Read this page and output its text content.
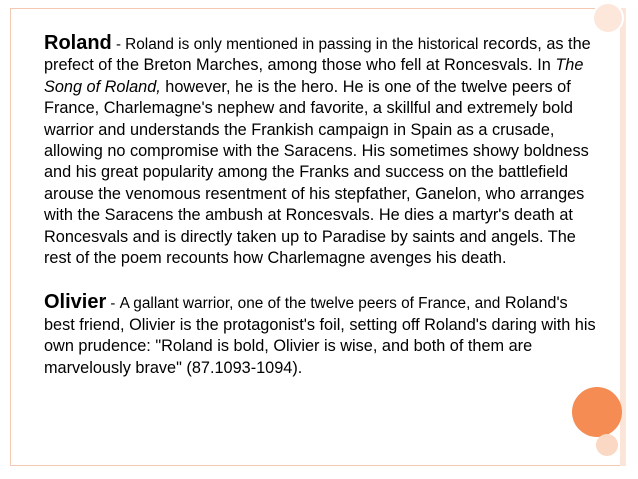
Roland - Roland is only mentioned in passing in the historical records, as the prefect of the Breton Marches, among those who fell at Roncesvals. In The Song of Roland, however, he is the hero. He is one of the twelve peers of France, Charlemagne's nephew and favorite, a skillful and extremely bold warrior and understands the Frankish campaign in Spain as a crusade, allowing no compromise with the Saracens. His sometimes showy boldness and his great popularity among the Franks and success on the battlefield arouse the venomous resentment of his stepfather, Ganelon, who arranges with the Saracens the ambush at Roncesvals. He dies a martyr's death at Roncesvals and is directly taken up to Paradise by saints and angels. The rest of the poem recounts how Charlemagne avenges his death.

Olivier - A gallant warrior, one of the twelve peers of France, and Roland's best friend, Olivier is the protagonist's foil, setting off Roland's daring with his own prudence: "Roland is bold, Olivier is wise, and both of them are marvelously brave" (87.1093-1094).
